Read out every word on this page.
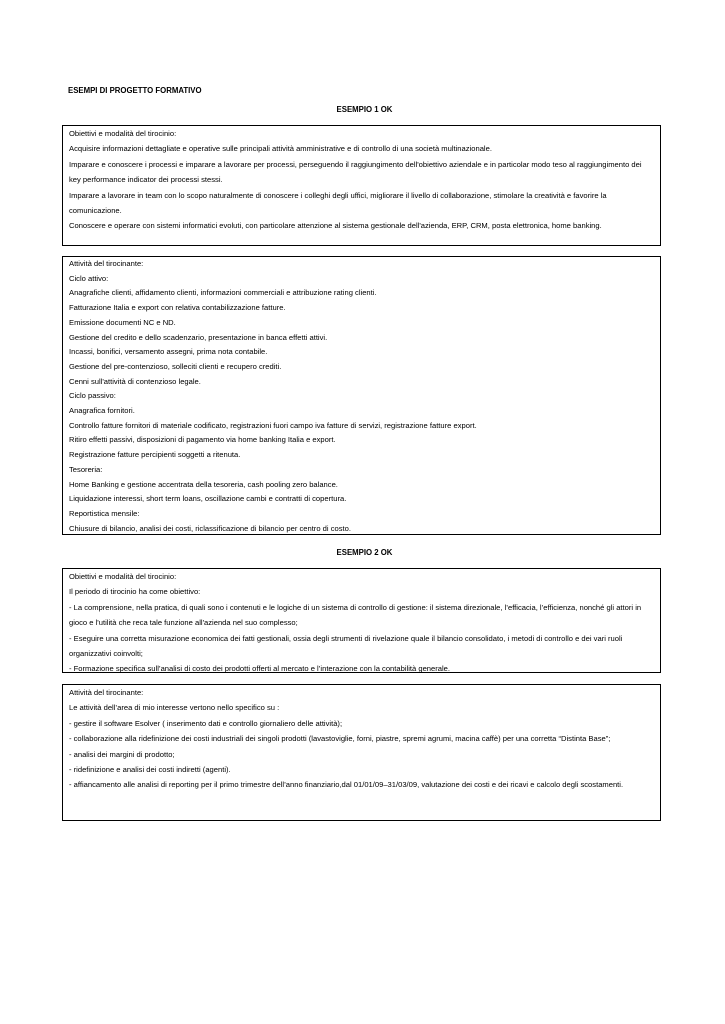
ESEMPI DI PROGETTO FORMATIVO
ESEMPIO 1 OK

Obiettivi e modalità del tirocinio:

Acquisire informazioni dettagliate e operative sulle principali attività amministrative e di controllo di una società multinazionale.

Imparare e conoscere i processi e imparare a lavorare per processi, perseguendo il raggiungimento dell'obiettivo aziendale e in particolar modo teso al raggiungimento dei key performance indicator dei processi stessi.

Imparare a lavorare in team con lo scopo naturalmente di conoscere i colleghi degli uffici, migliorare il livello di collaborazione, stimolare la creatività e favorire la comunicazione.

Conoscere e operare con sistemi informatici evoluti, con particolare attenzione al sistema gestionale dell'azienda, ERP, CRM, posta elettronica, home banking.

Attività del tirocinante:

Ciclo attivo:

Anagrafiche clienti, affidamento clienti, informazioni commerciali e attribuzione rating clienti.

Fatturazione Italia e export con relativa contabilizzazione fatture.

Emissione documenti NC e ND.

Gestione del credito e dello scadenzario, presentazione in banca effetti attivi.

Incassi, bonifici, versamento assegni, prima nota contabile.

Gestione del pre-contenzioso, solleciti clienti e recupero crediti.

Cenni sull'attività di contenzioso legale.

Ciclo passivo:

Anagrafica fornitori.

Controllo fatture fornitori di materiale codificato, registrazioni fuori campo iva fatture di servizi, registrazione fatture export.

Ritiro effetti passivi, disposizioni di pagamento via home banking Italia e export.

Registrazione fatture percipienti soggetti a ritenuta.

Tesoreria:

Home Banking e gestione accentrata della tesoreria, cash pooling zero balance.

Liquidazione interessi, short term loans, oscillazione cambi e contratti di copertura.

Reportistica mensile:

Chiusure di bilancio, analisi dei costi, riclassificazione di bilancio per centro di costo.

ESEMPIO 2 OK

Obiettivi e modalità del tirocinio:

Il periodo di tirocinio ha come obiettivo:

- La comprensione, nella pratica, di quali sono i contenuti e le logiche di un sistema di controllo di gestione: il sistema direzionale, l’efficacia, l’efficienza, nonché gli attori in gioco e l'utilità che reca tale funzione all'azienda nel suo complesso;

- Eseguire una corretta misurazione economica dei fatti gestionali, ossia degli strumenti di rivelazione quale il bilancio consolidato, i metodi di controllo e dei vari ruoli organizzativi coinvolti;

- Formazione specifica sull’analisi di costo dei prodotti offerti al mercato e l’interazione con la contabilità generale.

Attività del tirocinante:

Le attività dell’area di mio interesse vertono nello specifico su :

- gestire il software Esolver ( inserimento dati e controllo giornaliero delle attività);

- collaborazione alla ridefinizione dei costi industriali dei singoli prodotti (lavastoviglie, forni, piastre, spremi agrumi, macina caffè) per una corretta “Distinta Base”;

- analisi dei margini di prodotto;

- ridefinizione e analisi dei costi indiretti (agenti).

- affiancamento alle analisi di reporting per il primo trimestre dell’anno finanziario,dal 01/01/09–31/03/09, valutazione dei costi e dei ricavi e calcolo degli scostamenti.
